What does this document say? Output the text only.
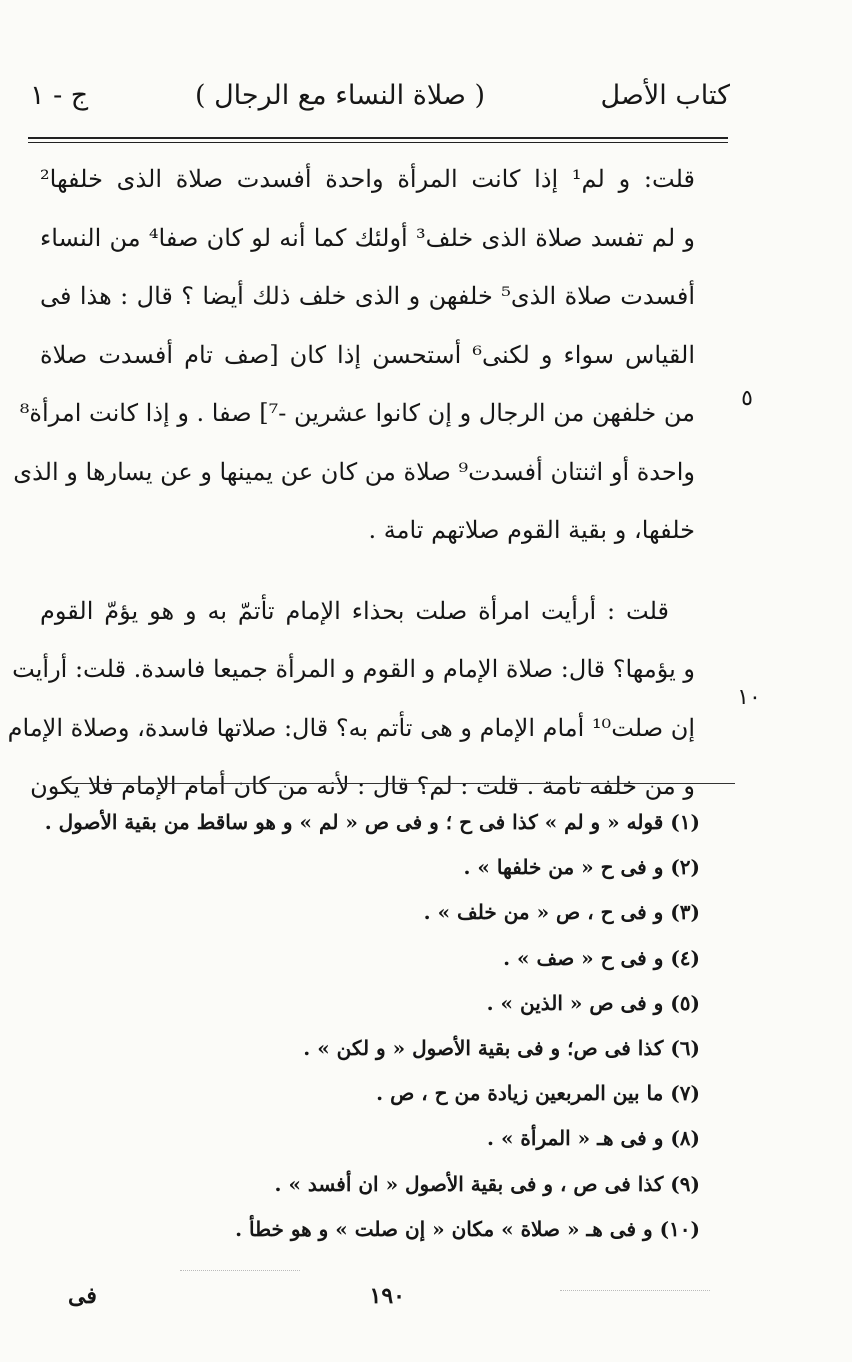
كتاب الأصل
( صلاة النساء مع الرجال )
ج - ١
قلت: و لم¹ إذا كانت المرأة واحدة أفسدت صلاة الذى خلفها²
و لم تفسد صلاة الذى خلف³ أولئك كما أنه لو كان صفا⁴ من النساء
أفسدت صلاة الذى⁵ خلفهن و الذى خلف ذلك أيضا ؟ قال : هذا فى
القياس سواء و لكنى⁶ أستحسن إذا كان [صف تام أفسدت صلاة
من خلفهن من الرجال و إن كانوا عشرين -⁷] صفا . و إذا كانت امرأة⁸
واحدة أو اثنتان أفسدت⁹ صلاة من كان عن يمينها و عن يسارها و الذى
خلفها، و بقية القوم صلاتهم تامة .
قلت : أرأيت امرأة صلت بحذاء الإمام تأتمّ به و هو يؤمّ القوم
و يؤمها؟ قال: صلاة الإمام و القوم و المرأة جميعا فاسدة. قلت: أرأيت
إن صلت¹⁰ أمام الإمام و هى تأتم به؟ قال: صلاتها فاسدة، وصلاة الإمام
و من خلفه تامة . قلت : لم؟ قال : لأنه من كان أمام الإمام فلا يكون
٥
١٠
(١) قوله « و لم » كذا فى ح ؛ و فى ص « لم » و هو ساقط من بقية الأصول .
(٢) و فى ح « من خلفها » .
(٣) و فى ح ، ص « من خلف » .
(٤) و فى ح « صف » .
(٥) و فى ص « الذين » .
(٦) كذا فى ص؛ و فى بقية الأصول « و لكن » .
(٧) ما بين المربعين زيادة من ح ، ص .
(٨) و فى هـ « المرأة » .
(٩) كذا فى ص ، و فى بقية الأصول « ان أفسد » .
(١٠) و فى هـ « صلاة » مكان « إن صلت » و هو خطأ .
١٩٠
فى
